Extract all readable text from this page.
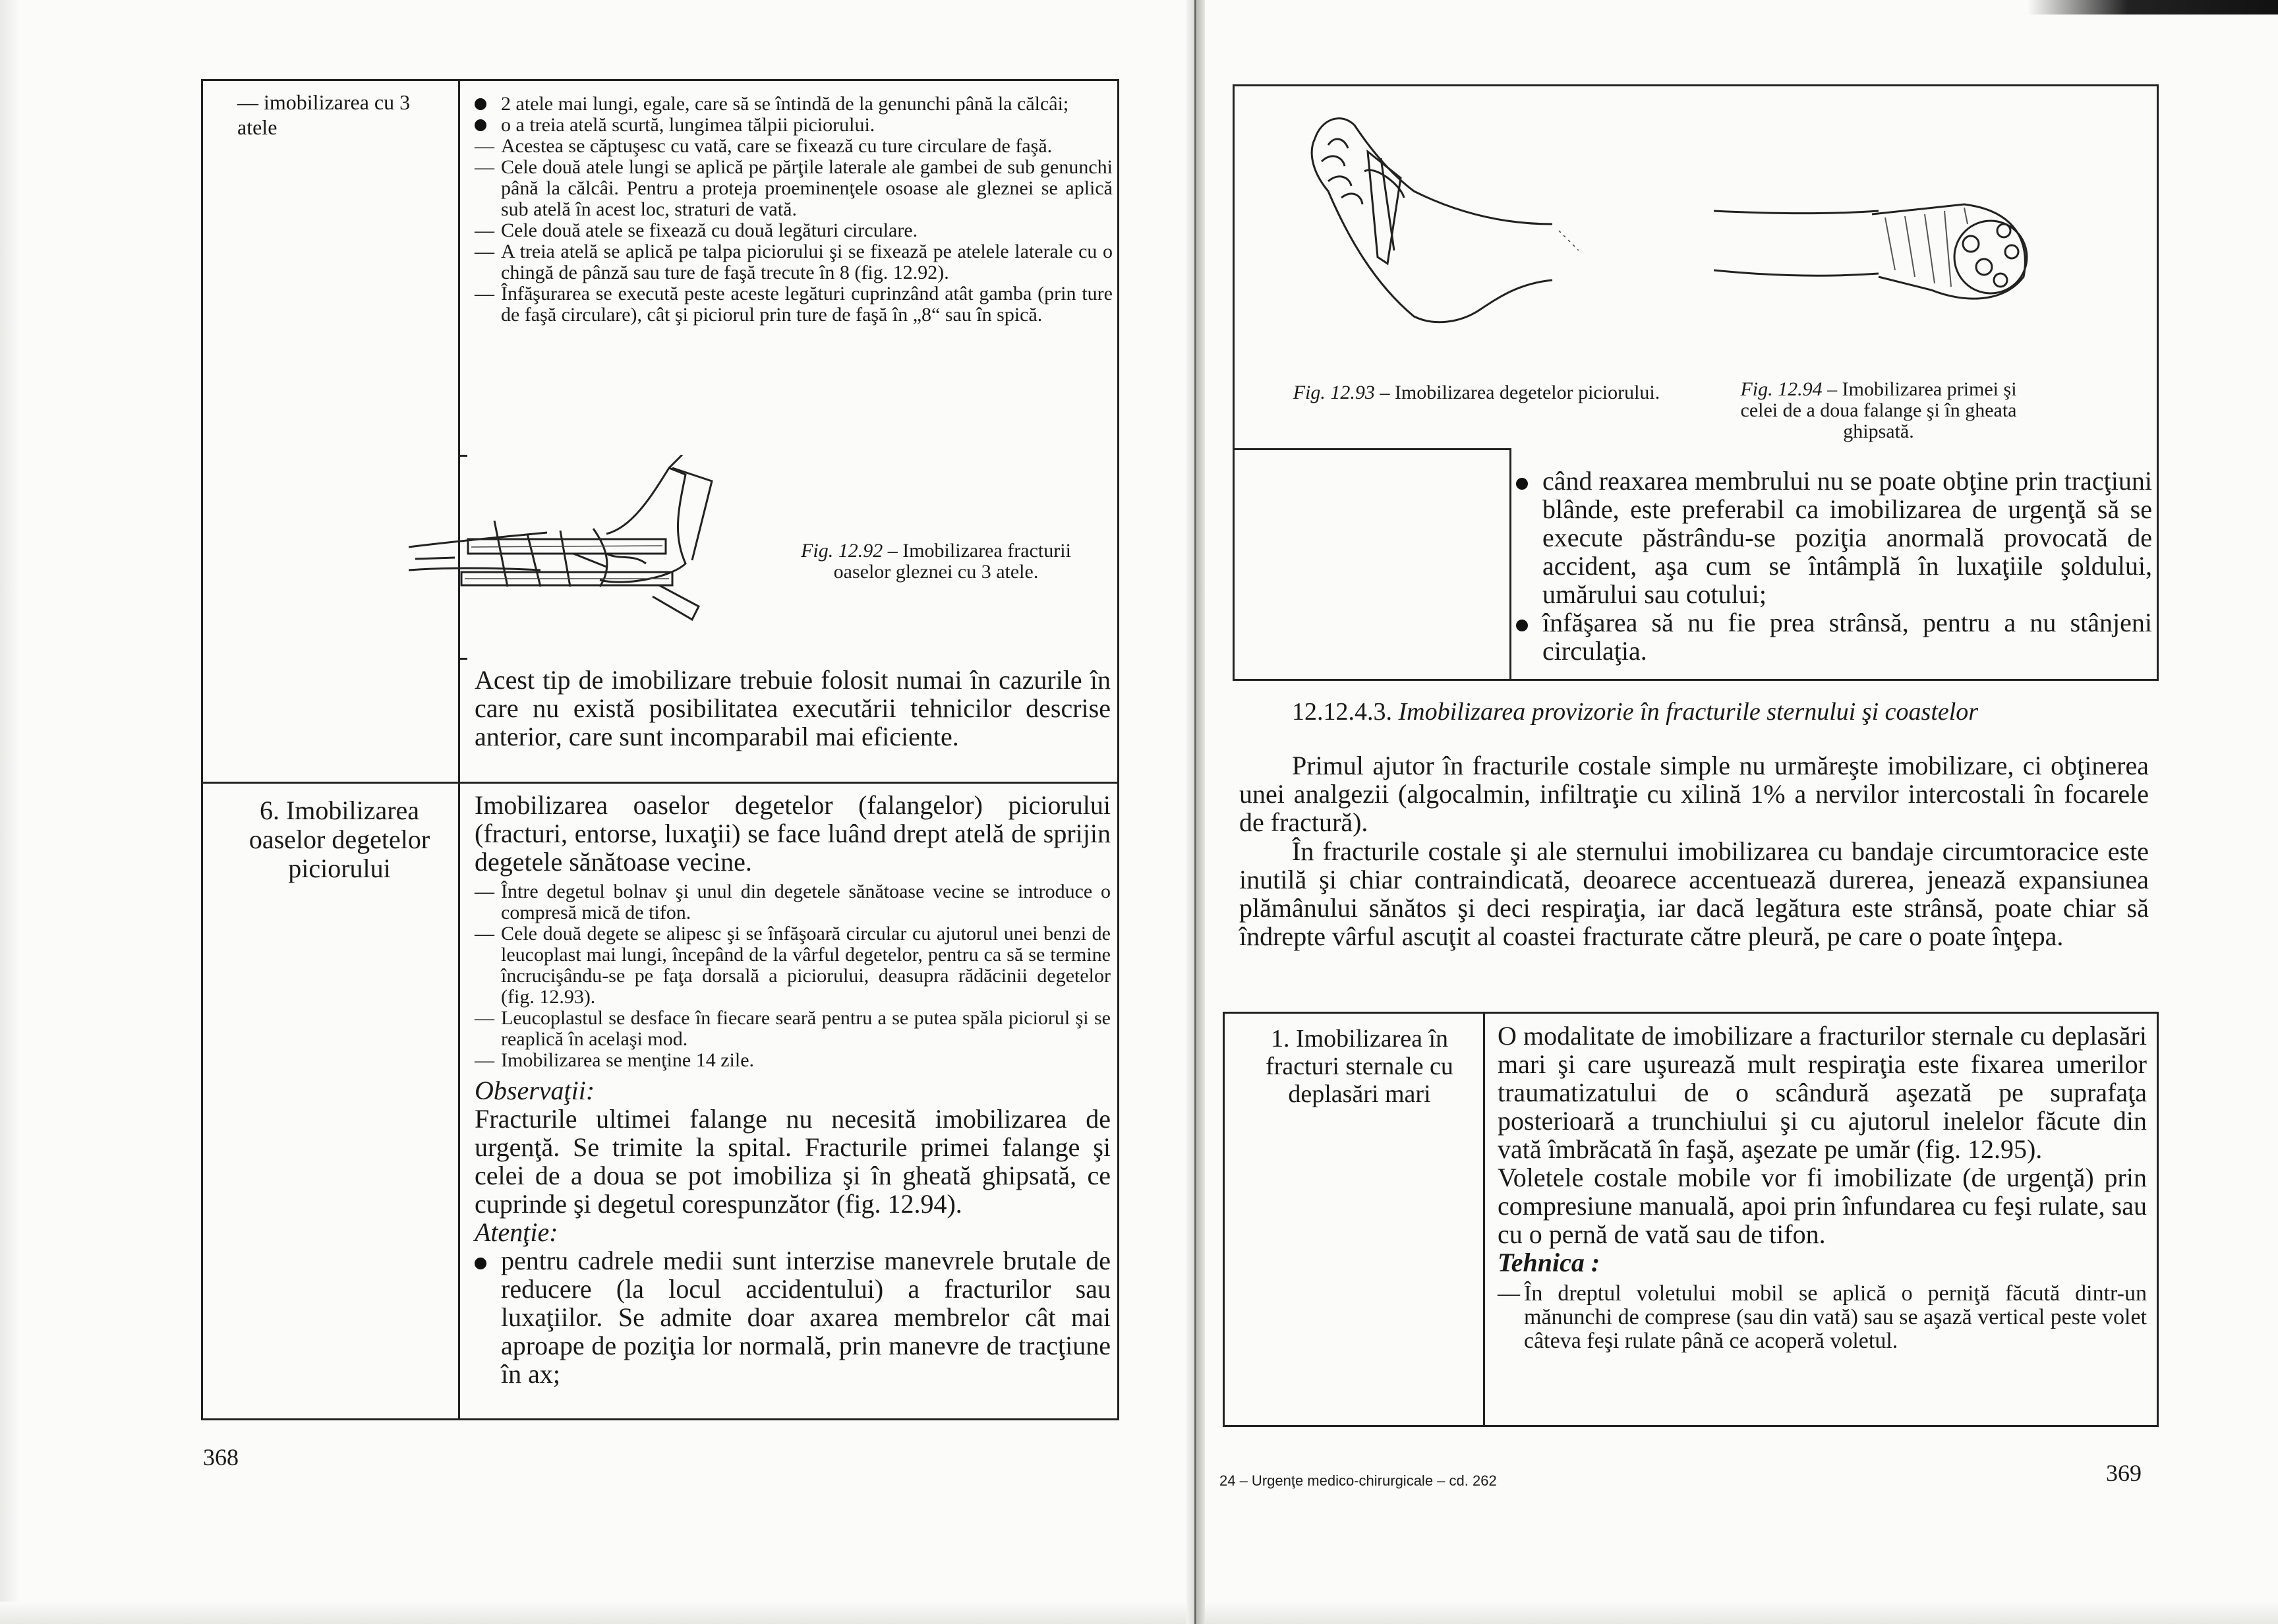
— imobilizarea cu 3 atele
2 atele mai lungi, egale, care să se întindă de la genunchi până la călcâi;
o a treia atelă scurtă, lungimea tălpii piciorului.
— Acestea se căptuşesc cu vată, care se fixează cu ture circulare de faşă.
— Cele două atele lungi se aplică pe părţile laterale ale gambei de sub genunchi până la călcâi. Pentru a proteja proeminenţele osoase ale gleznei se aplică sub atelă în acest loc, straturi de vată.
— Cele două atele se fixează cu două legături circulare.
— A treia atelă se aplică pe talpa piciorului şi se fixează pe atelele laterale cu o chingă de pânză sau ture de faşă trecute în 8 (fig. 12.92).
— Înfăşurarea se execută peste aceste legături cuprinzând atât gamba (prin ture de faşă circulare), cât şi piciorul prin ture de faşă în „8“ sau în spică.
Fig. 12.92 – Imobilizarea fracturii oaselor gleznei cu 3 atele.
Acest tip de imobilizare trebuie folosit numai în cazurile în care nu există posibilitatea executării tehnicilor descrise anterior, care sunt incomparabil mai eficiente.
6. Imobilizarea oaselor degetelor piciorului
Imobilizarea oaselor degetelor (falangelor) piciorului (fracturi, entorse, luxaţii) se face luând drept atelă de sprijin degetele sănătoase vecine.
— Între degetul bolnav şi unul din degetele sănătoase vecine se introduce o compresă mică de tifon.
— Cele două degete se alipesc şi se înfăşoară circular cu ajutorul unei benzi de leucoplast mai lungi, începând de la vârful degetelor, pentru ca să se termine încrucişându-se pe faţa dorsală a piciorului, deasupra rădăcinii degetelor (fig. 12.93).
— Leucoplastul se desface în fiecare seară pentru a se putea spăla piciorul şi se reaplică în acelaşi mod.
— Imobilizarea se menţine 14 zile.
Observaţii:
Fracturile ultimei falange nu necesită imobilizarea de urgenţă. Se trimite la spital. Fracturile primei falange şi celei de a doua se pot imobiliza şi în gheată ghipsată, ce cuprinde şi degetul corespunzător (fig. 12.94).
Atenţie:
pentru cadrele medii sunt interzise manevrele brutale de reducere (la locul accidentului) a fracturilor sau luxaţiilor. Se admite doar axarea membrelor cât mai aproape de poziţia lor normală, prin manevre de tracţiune în ax;
368
Fig. 12.93 – Imobilizarea degetelor piciorului.	Fig. 12.94 – Imobilizarea primei şi celei de a doua falange şi în gheata ghipsată.
când reaxarea membrului nu se poate obţine prin tracţiuni blânde, este preferabil ca imobilizarea de urgenţă să se execute păstrându-se poziţia anormală provocată de accident, aşa cum se întâmplă în luxaţiile şoldului, umărului sau cotului;
înfăşarea să nu fie prea strânsă, pentru a nu stânjeni circulaţia.
12.12.4.3. Imobilizarea provizorie în fracturile sternului şi coastelor
Primul ajutor în fracturile costale simple nu urmăreşte imobilizare, ci obţinerea unei analgezii (algocalmin, infiltraţie cu xilină 1% a nervilor intercostali în focarele de fractură).
În fracturile costale şi ale sternului imobilizarea cu bandaje circumtoracice este inutilă şi chiar contraindicată, deoarece accentuează durerea, jenează expansiunea plămânului sănătos şi deci respiraţia, iar dacă legătura este strânsă, poate chiar să îndrepte vârful ascuţit al coastei fracturate către pleură, pe care o poate înţepa.
1. Imobilizarea în fracturi sternale cu deplasări mari
O modalitate de imobilizare a fracturilor sternale cu deplasări mari şi care uşurează mult respiraţia este fixarea umerilor traumatizatului de o scândură aşezată pe suprafaţa posterioară a trunchiului şi cu ajutorul inelelor făcute din vată îmbrăcată în faşă, aşezate pe umăr (fig. 12.95).
Voletele costale mobile vor fi imobilizate (de urgenţă) prin compresiune manuală, apoi prin înfundarea cu feşi rulate, sau cu o pernă de vată sau de tifon.
Tehnica :
— În dreptul voletului mobil se aplică o perniţă făcută dintr-un mănunchi de comprese (sau din vată) sau se aşază vertical peste volet câteva feşi rulate până ce acoperă voletul.
24 – Urgenţe medico-chirurgicale – cd. 262	369
